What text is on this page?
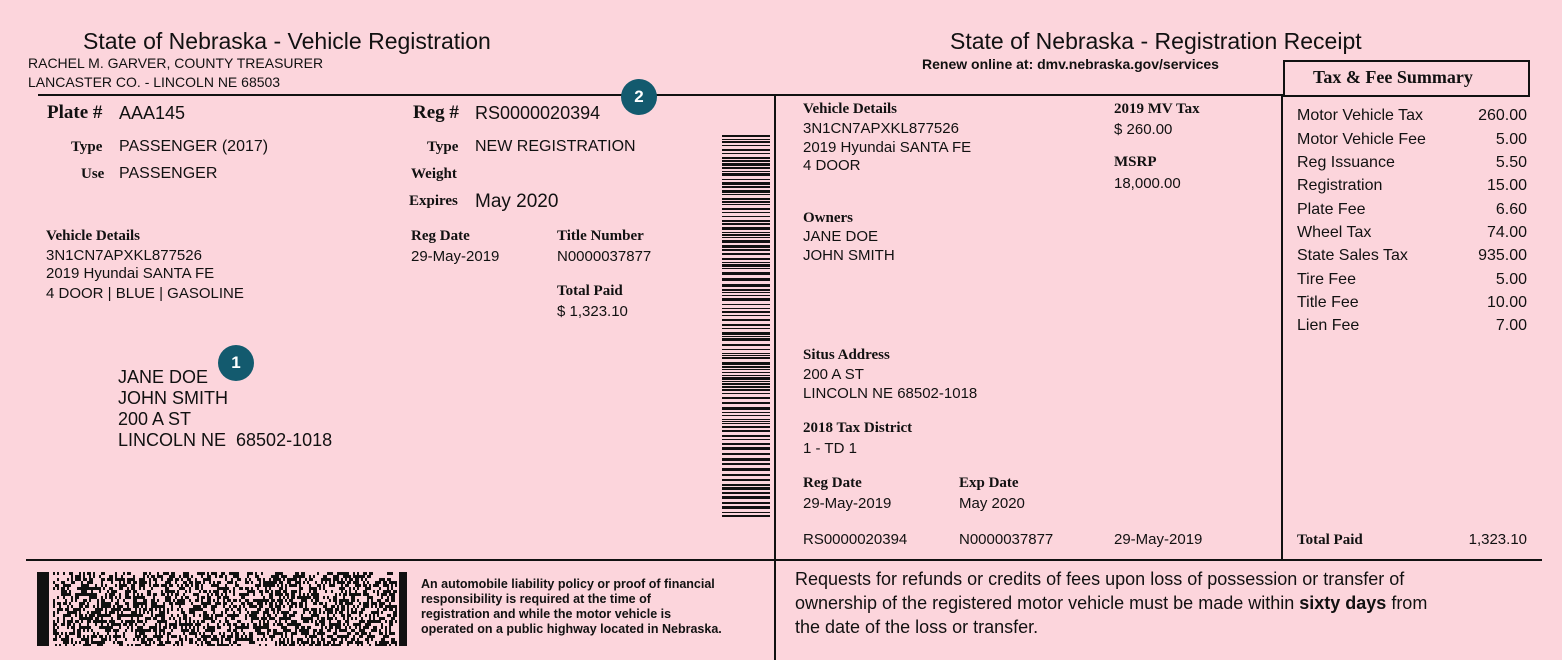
State of Nebraska - Vehicle Registration
RACHEL M. GARVER, COUNTY TREASURER
LANCASTER CO. - LINCOLN NE 68503
Plate # AAA145
Type PASSENGER (2017)
Use PASSENGER
Reg # RS0000020394
Type NEW REGISTRATION
Weight
Expires May 2020
Vehicle Details
3N1CN7APXKL877526
2019 Hyundai SANTA FE
4 DOOR | BLUE | GASOLINE
Reg Date
29-May-2019
Title Number
N0000037877
Total Paid
$ 1,323.10
JANE DOE
JOHN SMITH
200 A ST
LINCOLN NE  68502-1018
1
2
State of Nebraska - Registration Receipt
Renew online at: dmv.nebraska.gov/services
Tax & Fee Summary
Vehicle Details
3N1CN7APXKL877526
2019 Hyundai SANTA FE
4 DOOR
2019 MV Tax
$ 260.00
MSRP
18,000.00
Owners
JANE DOE
JOHN SMITH
Situs Address
200 A ST
LINCOLN NE 68502-1018
2018 Tax District
1 - TD 1
Reg Date
29-May-2019
Exp Date
May 2020
RS0000020394	N0000037877	29-May-2019
Motor Vehicle Tax	260.00
Motor Vehicle Fee	5.00
Reg Issuance	5.50
Registration	15.00
Plate Fee	6.60
Wheel Tax	74.00
State Sales Tax	935.00
Tire Fee	5.00
Title Fee	10.00
Lien Fee	7.00
Total Paid	1,323.10
An automobile liability policy or proof of financial
responsibility is required at the time of
registration and while the motor vehicle is
operated on a public highway located in Nebraska.
Requests for refunds or credits of fees upon loss of possession or transfer of
ownership of the registered motor vehicle must be made within sixty days from
the date of the loss or transfer.
